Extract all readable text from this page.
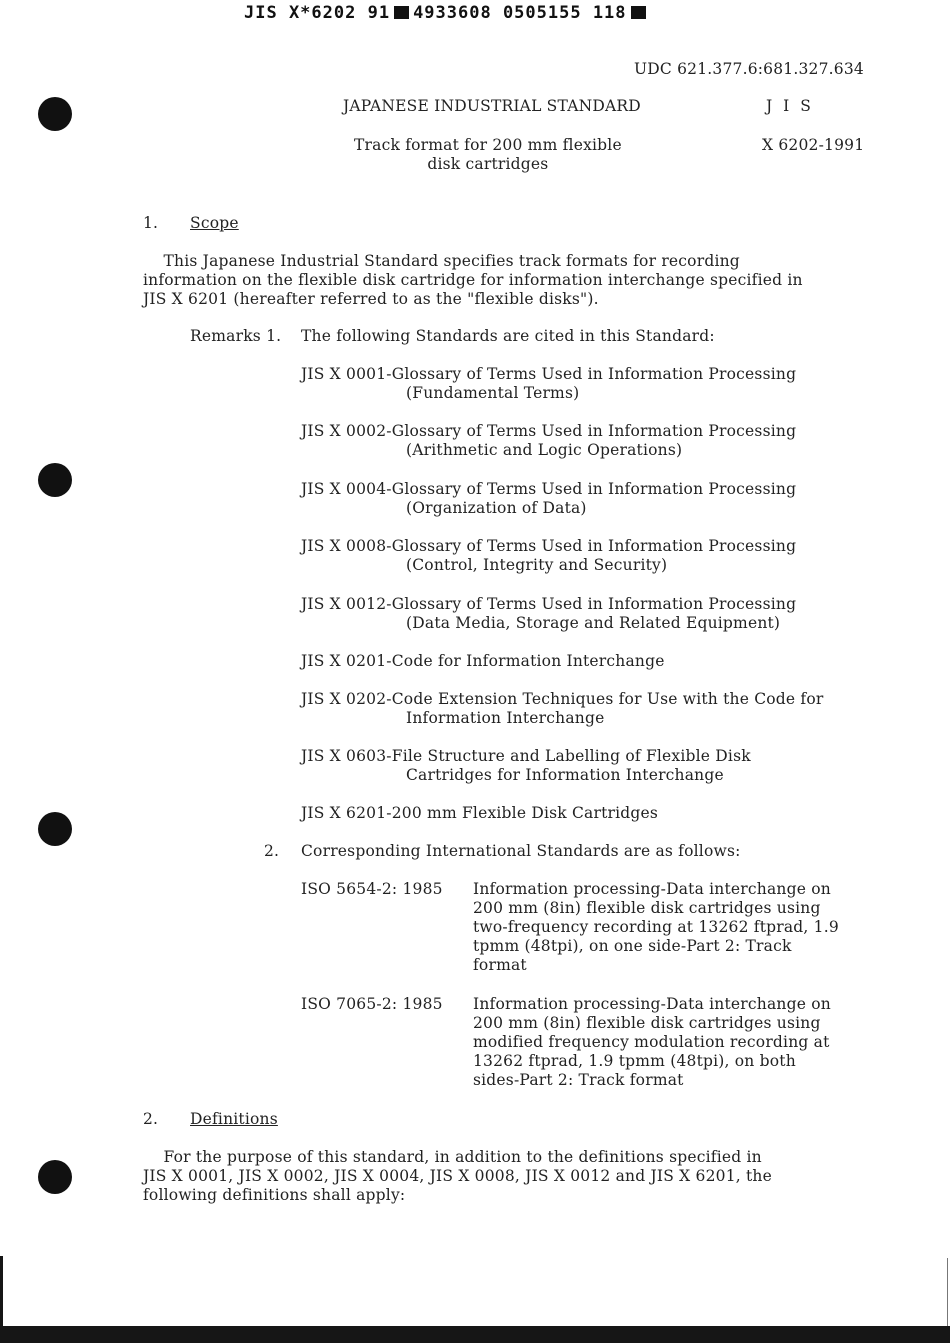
JIS X*6202 91 4933608 0505155 118
UDC 621.377.6:681.327.634
JAPANESE INDUSTRIAL STANDARD	J I S
Track format for 200 mm flexible
disk cartridges
X 6202-1991
1. Scope
This Japanese Industrial Standard specifies track formats for recording
information on the flexible disk cartridge for information interchange specified in
JIS X 6201 (hereafter referred to as the "flexible disks").
Remarks 1. The following Standards are cited in this Standard:
JIS X 0001-Glossary of Terms Used in Information Processing
(Fundamental Terms)
JIS X 0002-Glossary of Terms Used in Information Processing
(Arithmetic and Logic Operations)
JIS X 0004-Glossary of Terms Used in Information Processing
(Organization of Data)
JIS X 0008-Glossary of Terms Used in Information Processing
(Control, Integrity and Security)
JIS X 0012-Glossary of Terms Used in Information Processing
(Data Media, Storage and Related Equipment)
JIS X 0201-Code for Information Interchange
JIS X 0202-Code Extension Techniques for Use with the Code for
Information Interchange
JIS X 0603-File Structure and Labelling of Flexible Disk
Cartridges for Information Interchange
JIS X 6201-200 mm Flexible Disk Cartridges
2. Corresponding International Standards are as follows:
ISO 5654-2: 1985 Information processing-Data interchange on
200 mm (8in) flexible disk cartridges using
two-frequency recording at 13262 ftprad, 1.9
tpmm (48tpi), on one side-Part 2: Track
format
ISO 7065-2: 1985 Information processing-Data interchange on
200 mm (8in) flexible disk cartridges using
modified frequency modulation recording at
13262 ftprad, 1.9 tpmm (48tpi), on both
sides-Part 2: Track format
2. Definitions
For the purpose of this standard, in addition to the definitions specified in
JIS X 0001, JIS X 0002, JIS X 0004, JIS X 0008, JIS X 0012 and JIS X 6201, the
following definitions shall apply:
